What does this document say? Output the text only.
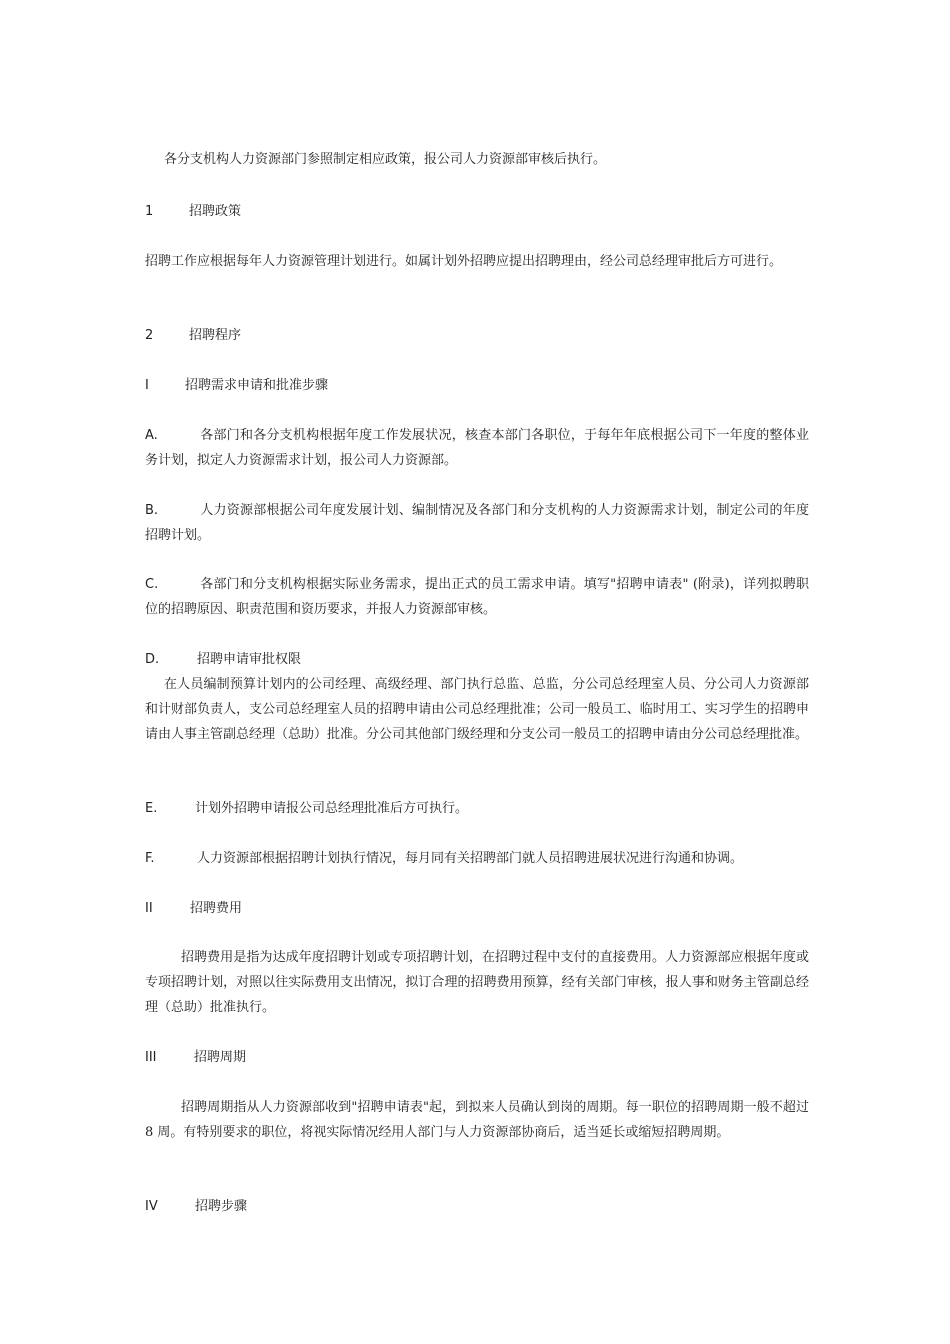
各分支机构人力资源部门参照制定相应政策，报公司人力资源部审核后执行。
1	招聘政策
招聘工作应根据每年人力资源管理计划进行。如属计划外招聘应提出招聘理由，经公司总经理审批后方可进行。
2	招聘程序
I	招聘需求申请和批准步骤
A.	各部门和各分支机构根据年度工作发展状况，核查本部门各职位，于每年年底根据公司下一年度的整体业务计划，拟定人力资源需求计划，报公司人力资源部。
B.	人力资源部根据公司年度发展计划、编制情况及各部门和分支机构的人力资源需求计划，制定公司的年度招聘计划。
C.	各部门和分支机构根据实际业务需求，提出正式的员工需求申请。填写"招聘申请表" (附录)，详列拟聘职位的招聘原因、职责范围和资历要求，并报人力资源部审核。
D.	招聘申请审批权限
在人员编制预算计划内的公司经理、高级经理、部门执行总监、总监，分公司总经理室人员、分公司人力资源部和计财部负责人，支公司总经理室人员的招聘申请由公司总经理批准；公司一般员工、临时用工、实习学生的招聘申请由人事主管副总经理（总助）批准。分公司其他部门级经理和分支公司一般员工的招聘申请由分公司总经理批准。
E.	计划外招聘申请报公司总经理批准后方可执行。
F.	人力资源部根据招聘计划执行情况，每月同有关招聘部门就人员招聘进展状况进行沟通和协调。
II	招聘费用
招聘费用是指为达成年度招聘计划或专项招聘计划，在招聘过程中支付的直接费用。人力资源部应根据年度或专项招聘计划，对照以往实际费用支出情况，拟订合理的招聘费用预算，经有关部门审核，报人事和财务主管副总经理（总助）批准执行。
III	招聘周期
招聘周期指从人力资源部收到"招聘申请表"起，到拟来人员确认到岗的周期。每一职位的招聘周期一般不超过 8 周。有特别要求的职位，将视实际情况经用人部门与人力资源部协商后，适当延长或缩短招聘周期。
IV	招聘步骤
